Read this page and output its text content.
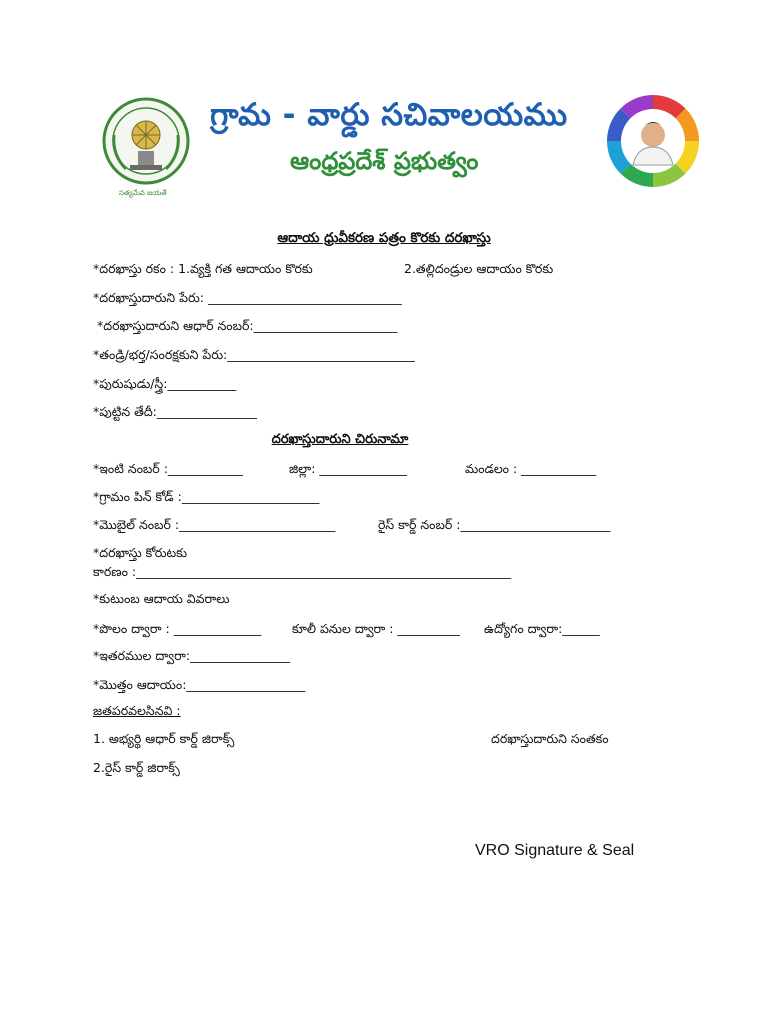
సత్యమేవ జయతే
గ్రామ - వార్డు సచివాలయము
ఆంధ్రప్రదేశ్ ప్రభుత్వం
ఆదాయ ధ్రువీకరణ పత్రం కొరకు దరఖాస్తు
*దరఖాస్తు రకం : 1.వ్యక్తి గత ఆదాయం కొరకు	2.తల్లిదండ్రుల ఆదాయం కొరకు
*దరఖాస్తుదారుని పేరు: _______________________________
*దరఖాస్తుదారుని ఆధార్ నంబర్:_______________________
*తండ్రి/భర్త/సంరక్షకుని పేరు:______________________________
*పురుషుడు/స్త్రీ:___________
*పుట్టిన తేదీ:________________
దరఖాస్తుదారుని చిరునామా
*ఇంటి నంబర్ :____________	జిల్లా: ______________	మండలం : ____________
*గ్రామం పిన్ కోడ్ :______________________
*మొబైల్ నంబర్ :_________________________	రైస్ కార్డ్ నంబర్ :________________________
*దరఖాస్తు కోరుటకు
కారణం :____________________________________________________________
*కుటుంబ ఆదాయ వివరాలు
*పొలం ద్వారా : ______________ కూలీ పనుల ద్వారా : __________ ఉద్యోగం ద్వారా:______
*ఇతరముల ద్వారా:________________
*మొత్తం ఆదాయం:___________________
జతపరవలసినవి :
1. అభ్యర్థి ఆధార్ కార్డ్ జిరాక్స్
2.రైస్ కార్డ్ జిరాక్స్
దరఖాస్తుదారుని సంతకం
VRO Signature & Seal
